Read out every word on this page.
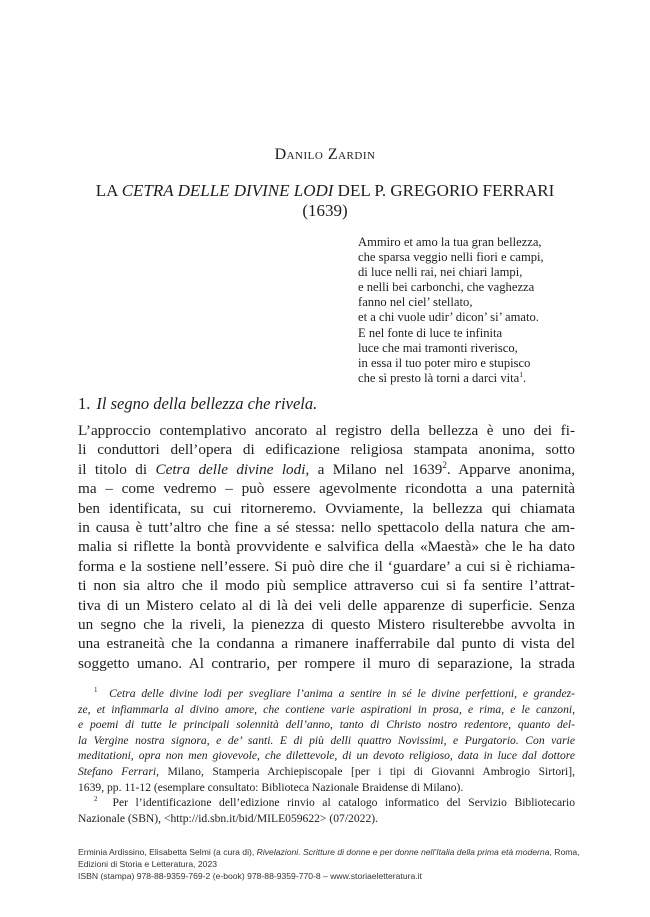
Danilo Zardin
LA CETRA DELLE DIVINE LODI DEL P. GREGORIO FERRARI
(1639)
Ammiro et amo la tua gran bellezza,
che sparsa veggio nelli fiori e campi,
di luce nelli rai, nei chiari lampi,
e nelli bei carbonchi, che vaghezza
fanno nel ciel’ stellato,
et a chi vuole udir’ dicon’ si’ amato.
E nel fonte di luce te infinita
luce che mai tramonti riverisco,
in essa il tuo poter miro e stupisco
che sì presto là torni a darci vita$^1$.
1. Il segno della bellezza che rivela.
L’approccio contemplativo ancorato al registro della bellezza è uno dei fi-
li conduttori dell’opera di edificazione religiosa stampata anonima, sotto
il titolo di Cetra delle divine lodi, a Milano nel 1639$^2$. Apparve anonima,
ma – come vedremo – può essere agevolmente ricondotta a una paternità
ben identificata, su cui ritorneremo. Ovviamente, la bellezza qui chiamata
in causa è tutt’altro che fine a sé stessa: nello spettacolo della natura che am-
malia si riflette la bontà provvidente e salvifica della «Maestà» che le ha dato
forma e la sostiene nell’essere. Si può dire che il ‘guardare’ a cui si è richiama-
ti non sia altro che il modo più semplice attraverso cui si fa sentire l’attrat-
tiva di un Mistero celato al di là dei veli delle apparenze di superficie. Senza
un segno che la riveli, la pienezza di questo Mistero risulterebbe avvolta in
una estraneità che la condanna a rimanere inafferrabile dal punto di vista del
soggetto umano. Al contrario, per rompere il muro di separazione, la strada
$^1$ Cetra delle divine lodi per svegliare l’anima a sentire in sé le divine perfettioni, e grandez-
ze, et infiammarla al divino amore, che contiene varie aspirationi in prosa, e rima, e le canzoni,
e poemi di tutte le principali solennità dell’anno, tanto di Christo nostro redentore, quanto del-
la Vergine nostra signora, e de’ santi. E di più delli quattro Novissimi, e Purgatorio. Con varie
meditationi, opra non men giovevole, che dilettevole, di un devoto religioso, data in luce dal dottore
Stefano Ferrari, Milano, Stamperia Archiepiscopale [per i tipi di Giovanni Ambrogio Sirtori],
1639, pp. 11-12 (esemplare consultato: Biblioteca Nazionale Braidense di Milano).
$^2$ Per l’identificazione dell’edizione rinvio al catalogo informatico del Servizio Bibliotecario
Nazionale (SBN), <http://id.sbn.it/bid/MILE059622> (07/2022).
Erminia Ardissino, Elisabetta Selmi (a cura di), Rivelazioni. Scritture di donne e per donne nell’Italia della prima età moderna, Roma,
Edizioni di Storia e Letteratura, 2023
ISBN (stampa) 978-88-9359-769-2 (e-book) 978-88-9359-770-8 – www.storiaeletteratura.it
